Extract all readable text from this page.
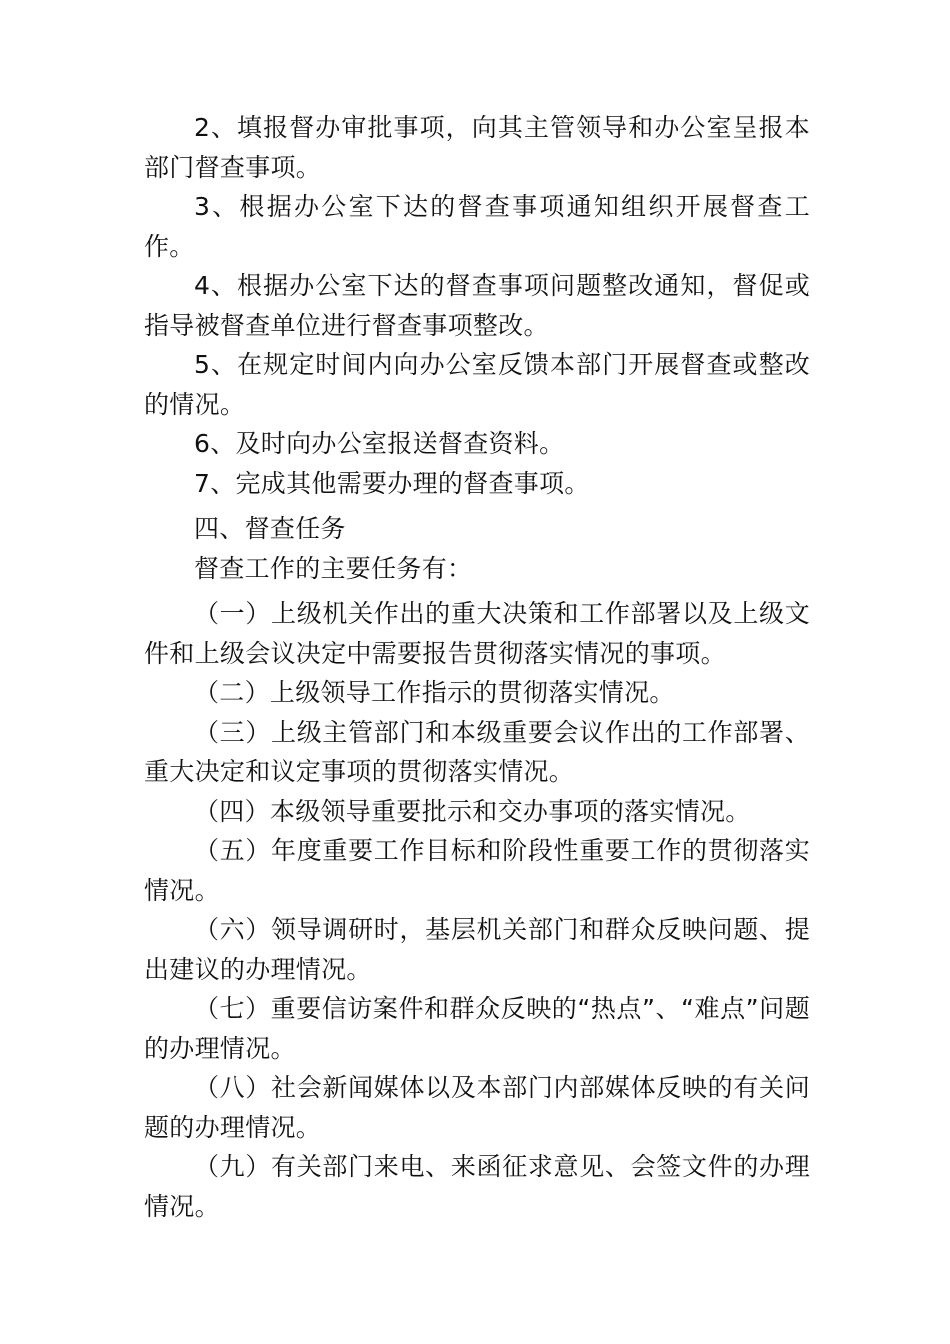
2、填报督办审批事项，向其主管领导和办公室呈报本部门督查事项。

3、根据办公室下达的督查事项通知组织开展督查工作。

4、根据办公室下达的督查事项问题整改通知，督促或指导被督查单位进行督查事项整改。

5、在规定时间内向办公室反馈本部门开展督查或整改的情况。

6、及时向办公室报送督查资料。

7、完成其他需要办理的督查事项。

四、督查任务

督查工作的主要任务有：

（一）上级机关作出的重大决策和工作部署以及上级文件和上级会议决定中需要报告贯彻落实情况的事项。

（二）上级领导工作指示的贯彻落实情况。

（三）上级主管部门和本级重要会议作出的工作部署、重大决定和议定事项的贯彻落实情况。

（四）本级领导重要批示和交办事项的落实情况。

（五）年度重要工作目标和阶段性重要工作的贯彻落实情况。

（六）领导调研时，基层机关部门和群众反映问题、提出建议的办理情况。

（七）重要信访案件和群众反映的“热点”、“难点”问题的办理情况。

（八）社会新闻媒体以及本部门内部媒体反映的有关问题的办理情况。

（九）有关部门来电、来函征求意见、会签文件的办理情况。
